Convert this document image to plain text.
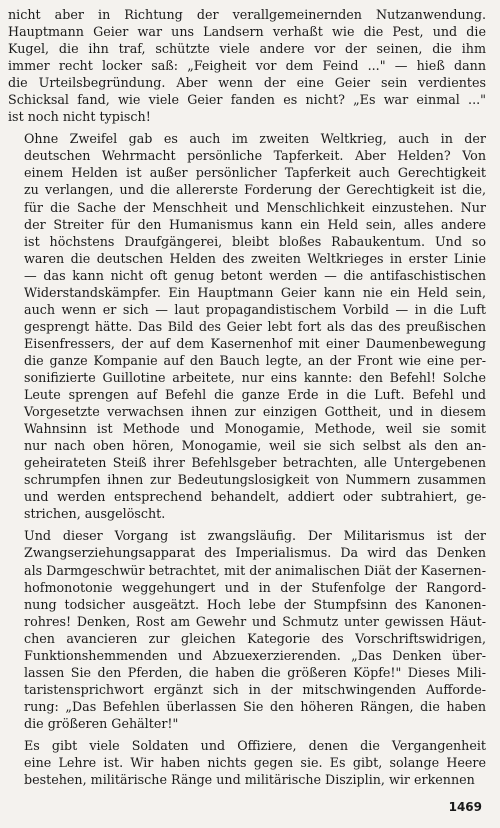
nicht aber in Richtung der verallgemeinernden Nutzanwendung.
Hauptmann Geier war uns Landsern verhaßt wie die Pest, und die
Kugel, die ihn traf, schützte viele andere vor der seinen, die ihm
immer recht locker saß: „Feigheit vor dem Feind ..." — hieß dann
die Urteilsbegründung. Aber wenn der eine Geier sein verdientes
Schicksal fand, wie viele Geier fanden es nicht? „Es war einmal ..."
ist noch nicht typisch!

Ohne Zweifel gab es auch im zweiten Weltkrieg, auch in der
deutschen Wehrmacht persönliche Tapferkeit. Aber Helden? Von
einem Helden ist außer persönlicher Tapferkeit auch Gerechtigkeit
zu verlangen, und die allererste Forderung der Gerechtigkeit ist die,
für die Sache der Menschheit und Menschlichkeit einzustehen. Nur
der Streiter für den Humanismus kann ein Held sein, alles andere
ist höchstens Draufgängerei, bleibt bloßes Rabaukentum. Und so
waren die deutschen Helden des zweiten Weltkrieges in erster Linie
— das kann nicht oft genug betont werden — die antifaschistischen
Widerstandskämpfer. Ein Hauptmann Geier kann nie ein Held sein,
auch wenn er sich — laut propagandistischem Vorbild — in die Luft
gesprengt hätte. Das Bild des Geier lebt fort als das des preußischen
Eisenfressers, der auf dem Kasernenhof mit einer Daumenbewegung
die ganze Kompanie auf den Bauch legte, an der Front wie eine per-
sonifizierte Guillotine arbeitete, nur eins kannte: den Befehl! Solche
Leute sprengen auf Befehl die ganze Erde in die Luft. Befehl und
Vorgesetzte verwachsen ihnen zur einzigen Gottheit, und in diesem
Wahnsinn ist Methode und Monogamie, Methode, weil sie somit
nur nach oben hören, Monogamie, weil sie sich selbst als den an-
geheirateten Steiß ihrer Befehlsgeber betrachten, alle Untergebenen
schrumpfen ihnen zur Bedeutungslosigkeit von Nummern zusammen
und werden entsprechend behandelt, addiert oder subtrahiert, ge-
strichen, ausgelöscht.

Und dieser Vorgang ist zwangsläufig. Der Militarismus ist der
Zwangserziehungsapparat des Imperialismus. Da wird das Denken
als Darmgeschwür betrachtet, mit der animalischen Diät der Kasernen-
hofmonotonie weggehungert und in der Stufenfolge der Rangord-
nung todsicher ausgeätzt. Hoch lebe der Stumpfsinn des Kanonen-
rohres! Denken, Rost am Gewehr und Schmutz unter gewissen Häut-
chen avancieren zur gleichen Kategorie des Vorschriftswidrigen,
Funktionshemmenden und Abzuexerzierenden. „Das Denken über-
lassen Sie den Pferden, die haben die größeren Köpfe!" Dieses Mili-
taristensprichwort ergänzt sich in der mitschwingenden Aufforde-
rung: „Das Befehlen überlassen Sie den höheren Rängen, die haben
die größeren Gehälter!"

Es gibt viele Soldaten und Offiziere, denen die Vergangenheit
eine Lehre ist. Wir haben nichts gegen sie. Es gibt, solange Heere
bestehen, militärische Ränge und militärische Disziplin, wir erkennen

1469
